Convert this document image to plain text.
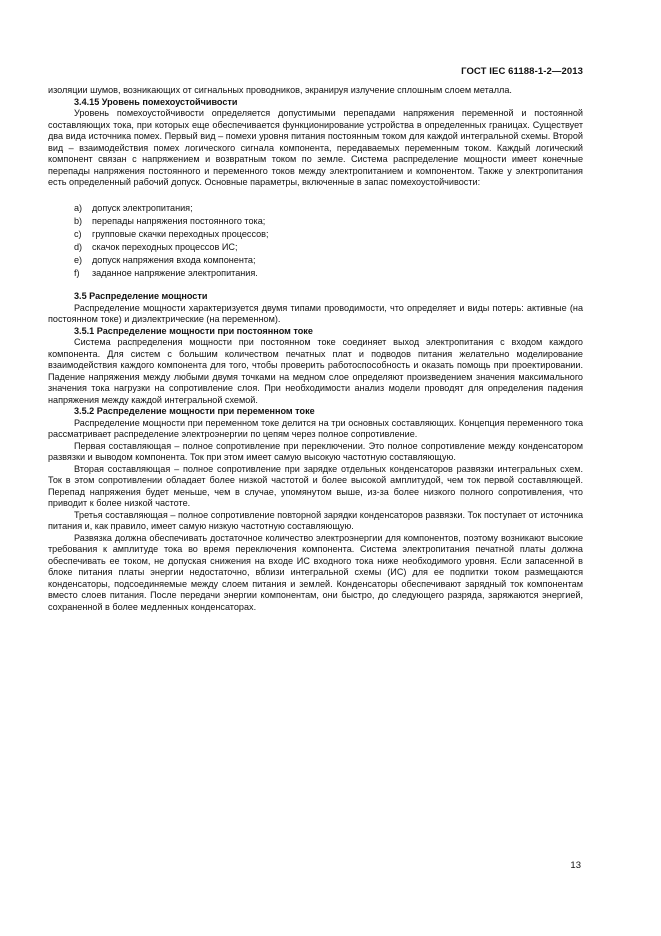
ГОСТ IEC 61188-1-2—2013

изоляции шумов, возникающих от сигнальных проводников, экранируя излучение сплошным слоем металла.

3.4.15 Уровень помехоустойчивости

Уровень помехоустойчивости определяется допустимыми перепадами напряжения переменной и постоянной составляющих тока, при которых еще обеспечивается функционирование устройства в определенных границах. Существует два вида источника помех. Первый вид – помехи уровня питания постоянным током для каждой интегральной схемы. Второй вид – взаимодействия помех логического сигнала компонента, передаваемых переменным током. Каждый логический компонент связан с напряжением и возвратным током по земле. Система распределение мощности имеет конечные перепады напряжения постоянного и переменного токов между электропитанием и компонентом. Также у электропитания есть определенный рабочий допуск. Основные параметры, включенные в запас помехоустойчивости:

a) допуск электропитания;
b) перепады напряжения постоянного тока;
c) групповые скачки переходных процессов;
d) скачок переходных процессов ИС;
e) допуск напряжения входа компонента;
f) заданное напряжение электропитания.

3.5 Распределение мощности

Распределение мощности характеризуется двумя типами проводимости, что определяет и виды потерь: активные (на постоянном токе) и диэлектрические (на переменном).

3.5.1 Распределение мощности при постоянном токе

Система распределения мощности при постоянном токе соединяет выход электропитания с входом каждого компонента. Для систем с большим количеством печатных плат и подводов питания желательно моделирование взаимодействия каждого компонента для того, чтобы проверить работоспособность и оказать помощь при проектировании. Падение напряжения между любыми двумя точками на медном слое определяют произведением значения максимального значения тока нагрузки на сопротивление слоя. При необходимости анализ модели проводят для определения падения напряжения между каждой интегральной схемой.

3.5.2 Распределение мощности при переменном токе

Распределение мощности при переменном токе делится на три основных составляющих. Концепция переменного тока рассматривает распределение электроэнергии по цепям через полное сопротивление.

Первая составляющая – полное сопротивление при переключении. Это полное сопротивление между конденсатором развязки и выводом компонента. Ток при этом имеет самую высокую частотную составляющую.

Вторая составляющая – полное сопротивление при зарядке отдельных конденсаторов развязки интегральных схем. Ток в этом сопротивлении обладает более низкой частотой и более высокой амплитудой, чем ток первой составляющей. Перепад напряжения будет меньше, чем в случае, упомянутом выше, из-за более низкого полного сопротивления, что приводит к более низкой частоте.

Третья составляющая – полное сопротивление повторной зарядки конденсаторов развязки. Ток поступает от источника питания и, как правило, имеет самую низкую частотную составляющую.

Развязка должна обеспечивать достаточное количество электроэнергии для компонентов, поэтому возникают высокие требования к амплитуде тока во время переключения компонента. Система электропитания печатной платы должна обеспечивать ее током, не допуская снижения на входе ИС входного тока ниже необходимого уровня. Если запасенной в блоке питания платы энергии недостаточно, вблизи интегральной схемы (ИС) для ее подпитки током размещаются конденсаторы, подсоединяемые между слоем питания и землей. Конденсаторы обеспечивают зарядный ток компонентам вместо слоев питания. После передачи энергии компонентам, они быстро, до следующего разряда, заряжаются энергией, сохраненной в более медленных конденсаторах.

13
